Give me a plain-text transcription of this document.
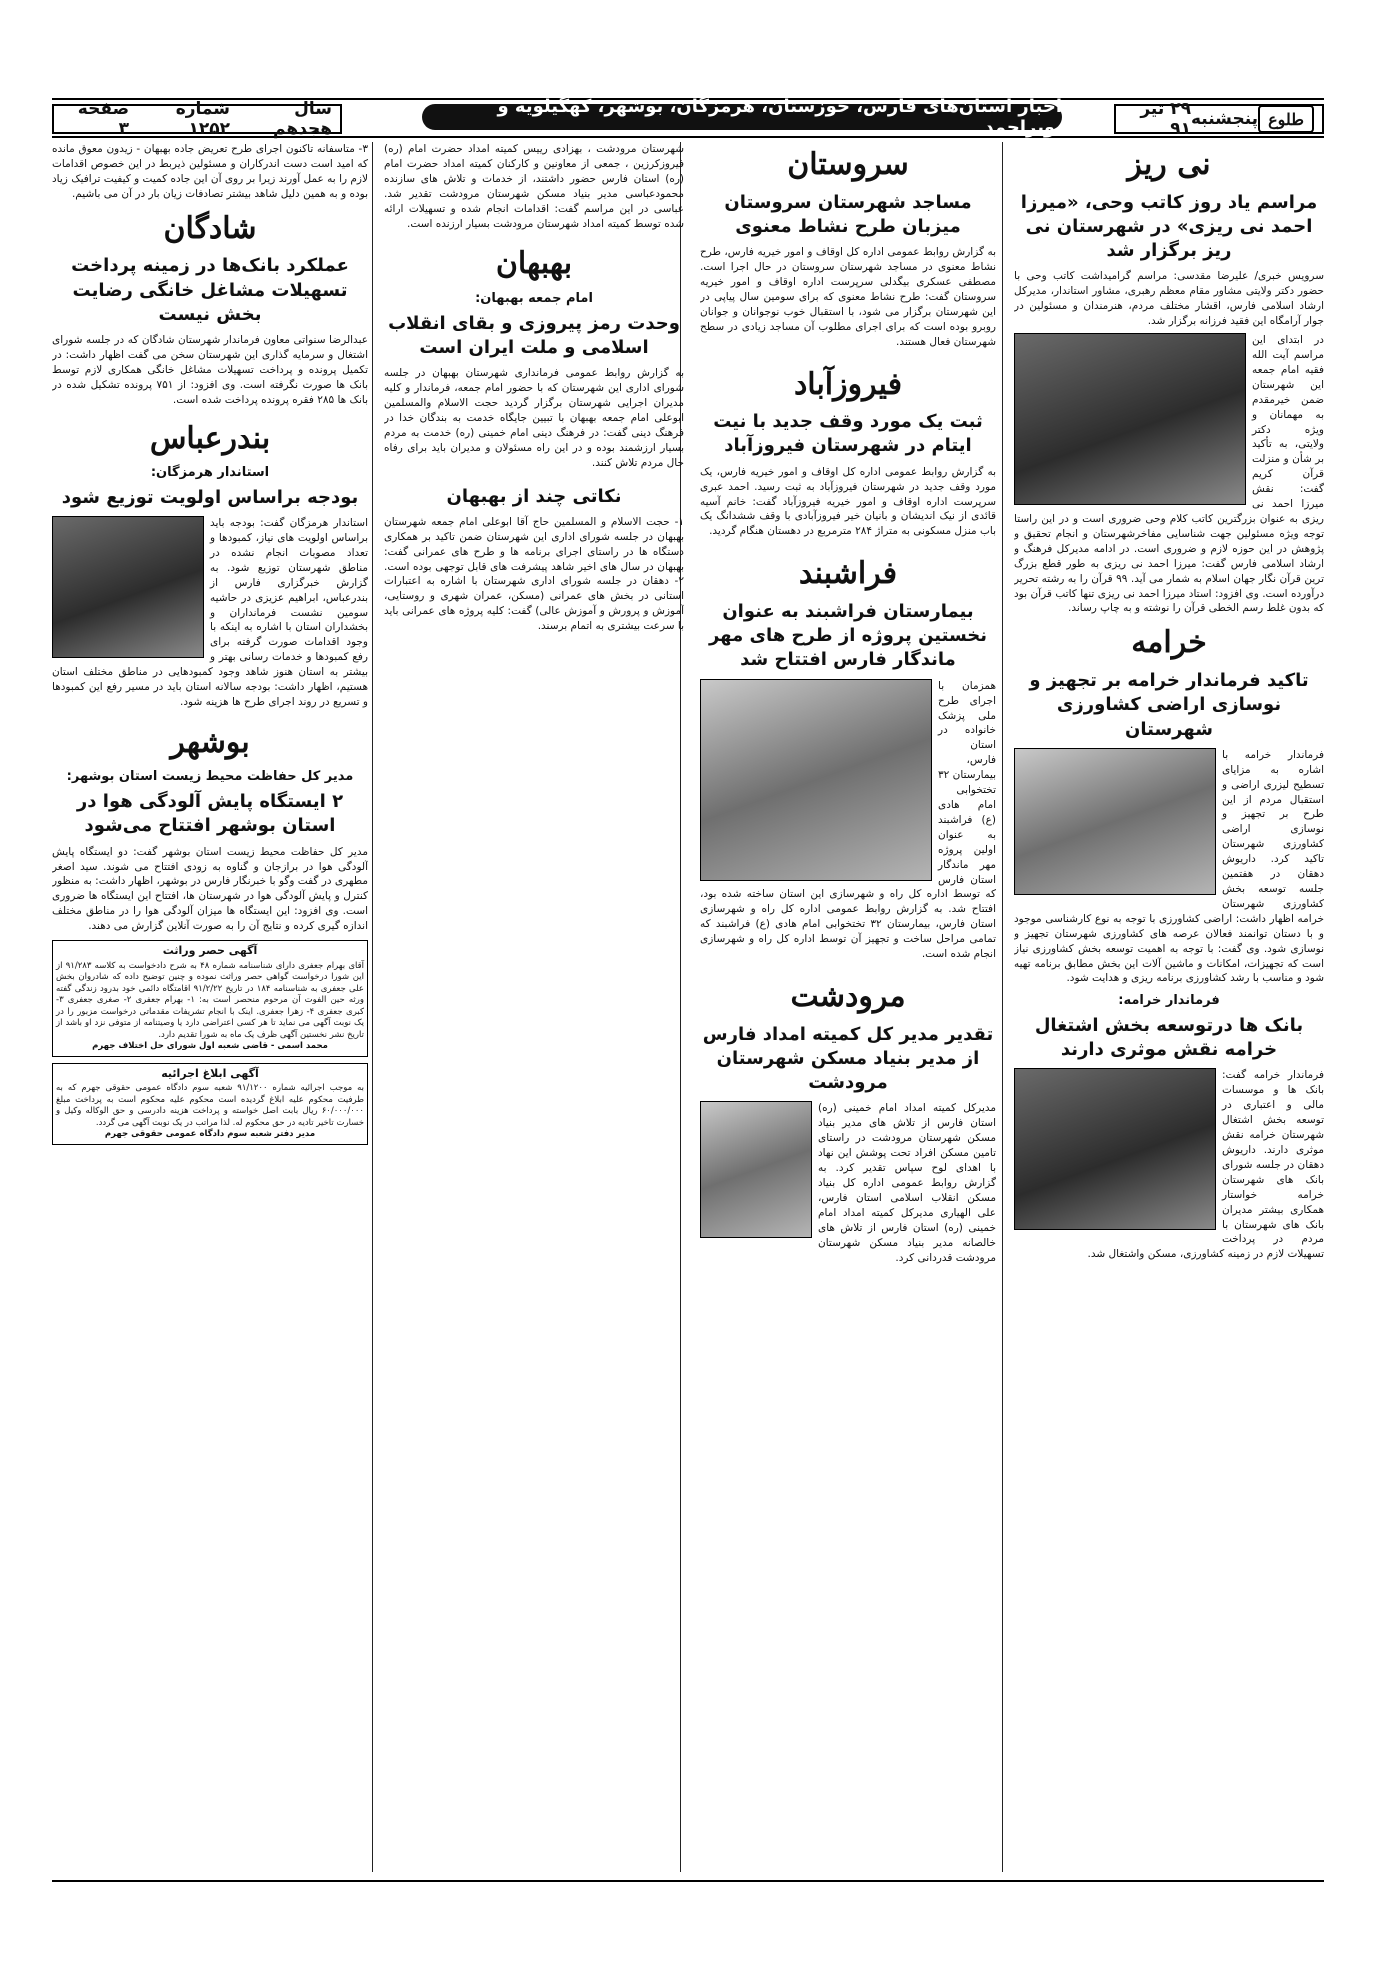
طلوع
پنجشنبه
۲۹ تیر ۹۱
اخبار استان‌های فارس، خوزستان، هرمزگان، بوشهر، کهگیلویه و بویراحمد
سال هجدهم
شماره ۱۲۵۲
صفحه ۳
نی ریز
مراسم یاد روز کاتب وحی، «میرزا احمد نی ریزی» در شهرستان نی ریز برگزار شد

سرویس خبری/ علیرضا مقدسی: مراسم گرامیداشت کاتب وحی با حضور دکتر ولایتی مشاور مقام معظم رهبری، مشاور استاندار، مدیرکل ارشاد اسلامی فارس، اقشار مختلف مردم، هنرمندان و مسئولین در جوار آرامگاه این فقید فرزانه برگزار شد.

در ابتدای این مراسم آیت الله فقیه امام جمعه این شهرستان ضمن خیرمقدم به مهمانان و ویژه دکتر ولایتی، به تأکید بر شأن و منزلت قرآن کریم گفت: نقش میرزا احمد نی ریزی به عنوان بزرگترین کاتب کلام وحی ضروری است و در این راستا توجه ویژه مسئولین جهت شناسایی مفاخرشهرستان و انجام تحقیق و پژوهش در این حوزه لازم و ضروری است. در ادامه مدیرکل فرهنگ و ارشاد اسلامی فارس گفت: میرزا احمد نی ریزی به طور قطع بزرگ ترین قرآن نگار جهان اسلام به شمار می آید. ۹۹ قرآن را به رشته تحریر درآورده است. وی افزود: استاد میرزا احمد نی ریزی تنها کاتب قرآن بود که بدون غلط رسم الخطی قرآن را نوشته و به چاپ رساند.

خرامه
تاکید فرماندار خرامه بر تجهیز و نوسازی اراضی کشاورزی شهرستان

فرماندار خرامه با اشاره به مزایای تسطیح لیزری اراضی و استقبال مردم از این طرح بر تجهیز و نوسازی اراضی کشاورزی شهرستان تاکید کرد. داریوش دهقان در هفتمین جلسه توسعه بخش کشاورزی شهرستان خرامه اظهار داشت: اراضی کشاورزی با توجه به نوع کارشناسی موجود و با دستان توانمند فعالان عرصه های کشاورزی شهرستان تجهیز و نوسازی شود. وی گفت: با توجه به اهمیت توسعه بخش کشاورزی نیاز است که تجهیزات، امکانات و ماشین آلات این بخش مطابق برنامه تهیه شود و مناسب با رشد کشاورزی برنامه ریزی و هدایت شود.

فرماندار خرامه:
بانک ها درتوسعه بخش اشتغال خرامه نقش موثری دارند

فرماندار خرامه گفت: بانک ها و موسسات مالی و اعتباری در توسعه بخش اشتغال شهرستان خرامه نقش موثری دارند. داریوش دهقان در جلسه شورای بانک های شهرستان خرامه خواستار همکاری بیشتر مدیران بانک های شهرستان با مردم در پرداخت تسهیلات لازم در زمینه کشاورزی، مسکن واشتغال شد.

سروستان
مساجد شهرستان سروستان میزبان طرح نشاط معنوی

به گزارش روابط عمومی اداره کل اوقاف و امور خیریه فارس، طرح نشاط معنوی در مساجد شهرستان سروستان در حال اجرا است. مصطفی عسکری بیگدلی سرپرست اداره اوقاف و امور خیریه سروستان گفت: طرح نشاط معنوی که برای سومین سال پیاپی در این شهرستان برگزار می شود، با استقبال خوب نوجوانان و جوانان روبرو بوده است که برای اجرای مطلوب آن مساجد زیادی در سطح شهرستان فعال هستند.

فیروزآباد
ثبت یک مورد وقف جدید با نیت ایتام در شهرستان فیروزآباد

به گزارش روابط عمومی اداره کل اوقاف و امور خیریه فارس، یک مورد وقف جدید در شهرستان فیروزآباد به ثبت رسید. احمد عبری سرپرست اداره اوقاف و امور خیریه فیروزآباد گفت: خانم آسیه قائدی از نیک اندیشان و بانیان خیر فیروزآبادی با وقف ششدانگ یک باب منزل مسکونی به متراژ ۲۸۴ مترمربع در دهستان هنگام گردید.

فراشبند
بیمارستان فراشبند به عنوان نخستین پروژه از طرح های مهر ماندگار فارس افتتاح شد

همزمان با اجرای طرح ملی پزشک خانواده در استان فارس، بیمارستان ۳۲ تختخوابی امام هادی (ع) فراشبند به عنوان اولین پروژه مهر ماندگار استان فارس که توسط اداره کل راه و شهرسازی این استان ساخته شده بود، افتتاح شد. به گزارش روابط عمومی اداره کل راه و شهرسازی استان فارس، بیمارستان ۳۲ تختخوابی امام هادی (ع) فراشبند که تمامی مراحل ساخت و تجهیز آن توسط اداره کل راه و شهرسازی انجام شده است.

مرودشت
تقدیر مدیر کل کمیته امداد فارس از مدیر بنیاد مسکن شهرستان مرودشت

مدیرکل کمیته امداد امام خمینی (ره) استان فارس از تلاش های مدیر بنیاد مسکن شهرستان مرودشت در راستای تامین مسکن افراد تحت پوشش این نهاد با اهدای لوح سپاس تقدیر کرد. به گزارش روابط عمومی اداره کل بنیاد مسکن انقلاب اسلامی استان فارس، علی الهیاری مدیرکل کمیته امداد امام خمینی (ره) استان فارس از تلاش های خالصانه مدیر بنیاد مسکن شهرستان مرودشت قدردانی کرد.

شهرستان مرودشت ، بهزادی رییس کمیته امداد حضرت امام (ره) فیروزکرزین ، جمعی از معاونین و کارکنان کمیته امداد حضرت امام (ره) استان فارس حضور داشتند، از خدمات و تلاش های سازنده محمودعباسی مدیر بنیاد مسکن شهرستان مرودشت تقدیر شد. عباسی در این مراسم گفت: اقدامات انجام شده و تسهیلات ارائه شده توسط کمیته امداد شهرستان مرودشت بسیار ارزنده است.

بهبهان
امام جمعه بهبهان:
وحدت رمز پیروزی و بقای انقلاب اسلامی و ملت ایران است

به گزارش روابط عمومی فرمانداری شهرستان بهبهان در جلسه شورای اداری این شهرستان که با حضور امام جمعه، فرماندار و کلیه مدیران اجرایی شهرستان برگزار گردید حجت الاسلام والمسلمین ابوعلی امام جمعه بهبهان با تبیین جایگاه خدمت به بندگان خدا در فرهنگ دینی گفت: در فرهنگ دینی امام خمینی (ره) خدمت به مردم بسیار ارزشمند بوده و در این راه مسئولان و مدیران باید برای رفاه حال مردم تلاش کنند.

نکاتی چند از بهبهان

۱- حجت الاسلام و المسلمین حاج آقا ابوعلی امام جمعه شهرستان بهبهان در جلسه شورای اداری این شهرستان ضمن تاکید بر همکاری دستگاه ها در راستای اجرای برنامه ها و طرح های عمرانی گفت: بهبهان در سال های اخیر شاهد پیشرفت های قابل توجهی بوده است. ۲- دهقان در جلسه شورای اداری شهرستان با اشاره به اعتبارات استانی در بخش های عمرانی (مسکن، عمران شهری و روستایی، آموزش و پرورش و آموزش عالی) گفت: کلیه پروژه های عمرانی باید با سرعت بیشتری به اتمام برسند.

۳- متاسفانه تاکنون اجرای طرح تعریض جاده بهبهان - زیدون معوق مانده که امید است دست اندرکاران و مسئولین ذیربط در این خصوص اقدامات لازم را به عمل آورند زیرا بر روی آن این جاده کمیت و کیفیت ترافیک زیاد بوده و به همین دلیل شاهد بیشتر تصادفات زیان بار در آن می باشیم.

شادگان
عملکرد بانک‌ها در زمینه پرداخت تسهیلات مشاغل خانگی رضایت بخش نیست

عبدالرضا سنواتی معاون فرماندار شهرستان شادگان که در جلسه شورای اشتغال و سرمایه گذاری این شهرستان سخن می گفت اظهار داشت: در تکمیل پرونده و پرداخت تسهیلات مشاغل خانگی همکاری لازم توسط بانک ها صورت نگرفته است. وی افزود: از ۷۵۱ پرونده تشکیل شده در بانک ها ۲۸۵ فقره پرونده پرداخت شده است.

بندرعباس
استاندار هرمزگان:
بودجه براساس اولویت توزیع شود

استاندار هرمزگان گفت: بودجه باید براساس اولویت های نیاز، کمبودها و تعداد مصوبات انجام نشده در مناطق شهرستان توزیع شود. به گزارش خبرگزاری فارس از بندرعباس، ابراهیم عزیزی در حاشیه سومین نشست فرمانداران و بخشداران استان با اشاره به اینکه با وجود اقدامات صورت گرفته برای رفع کمبودها و خدمات رسانی بهتر و بیشتر به استان هنوز شاهد وجود کمبودهایی در مناطق مختلف استان هستیم، اظهار داشت: بودجه سالانه استان باید در مسیر رفع این کمبودها و تسریع در روند اجرای طرح ها هزینه شود.

بوشهر
مدیر کل حفاظت محیط زیست استان بوشهر:
۲ ایستگاه پایش آلودگی هوا در استان بوشهر افتتاح می‌شود

مدیر کل حفاظت محیط زیست استان بوشهر گفت: دو ایستگاه پایش آلودگی هوا در برازجان و گناوه به زودی افتتاح می شوند. سید اصغر مطهری در گفت وگو با خبرنگار فارس در بوشهر، اظهار داشت: به منظور کنترل و پایش آلودگی هوا در شهرستان ها، افتتاح این ایستگاه ها ضروری است. وی افزود: این ایستگاه ها میزان آلودگی هوا را در مناطق مختلف اندازه گیری کرده و نتایج آن را به صورت آنلاین گزارش می دهند.

آگهی حصر وراثت
آقای بهرام جعفری دارای شناسنامه شماره ۴۸ به شرح دادخواست به کلاسه ۹۱/۲۸۳ از این شورا درخواست گواهی حصر وراثت نموده و چنین توضیح داده که شادروان بخش علی جعفری به شناسنامه ۱۸۴ در تاریخ ۹۱/۲/۲۲ اقامتگاه دائمی خود بدرود زندگی گفته ورثه حین الفوت آن مرحوم منحصر است به: ۱- بهرام جعفری ۲- صغری جعفری ۳- کبری جعفری ۴- زهرا جعفری. اینک با انجام تشریفات مقدماتی درخواست مزبور را در یک نوبت آگهی می نماید تا هر کسی اعتراضی دارد یا وصیتنامه از متوفی نزد او باشد از تاریخ نشر نخستین آگهی ظرف یک ماه به شورا تقدیم دارد.
محمد اسمی - قاضی شعبه اول شورای حل اختلاف جهرم
آگهی ابلاغ اجرائیه
به موجب اجرائیه شماره ۹۱/۱۲۰۰ شعبه سوم دادگاه عمومی حقوقی جهرم که به طرفیت محکوم علیه ابلاغ گردیده است محکوم علیه محکوم است به پرداخت مبلغ ۶۰/۰۰۰/۰۰۰ ریال بابت اصل خواسته و پرداخت هزینه دادرسی و حق الوکاله وکیل و خسارت تاخیر تادیه در حق محکوم له. لذا مراتب در یک نوبت آگهی می گردد.
مدیر دفتر شعبه سوم دادگاه عمومی حقوقی جهرم
